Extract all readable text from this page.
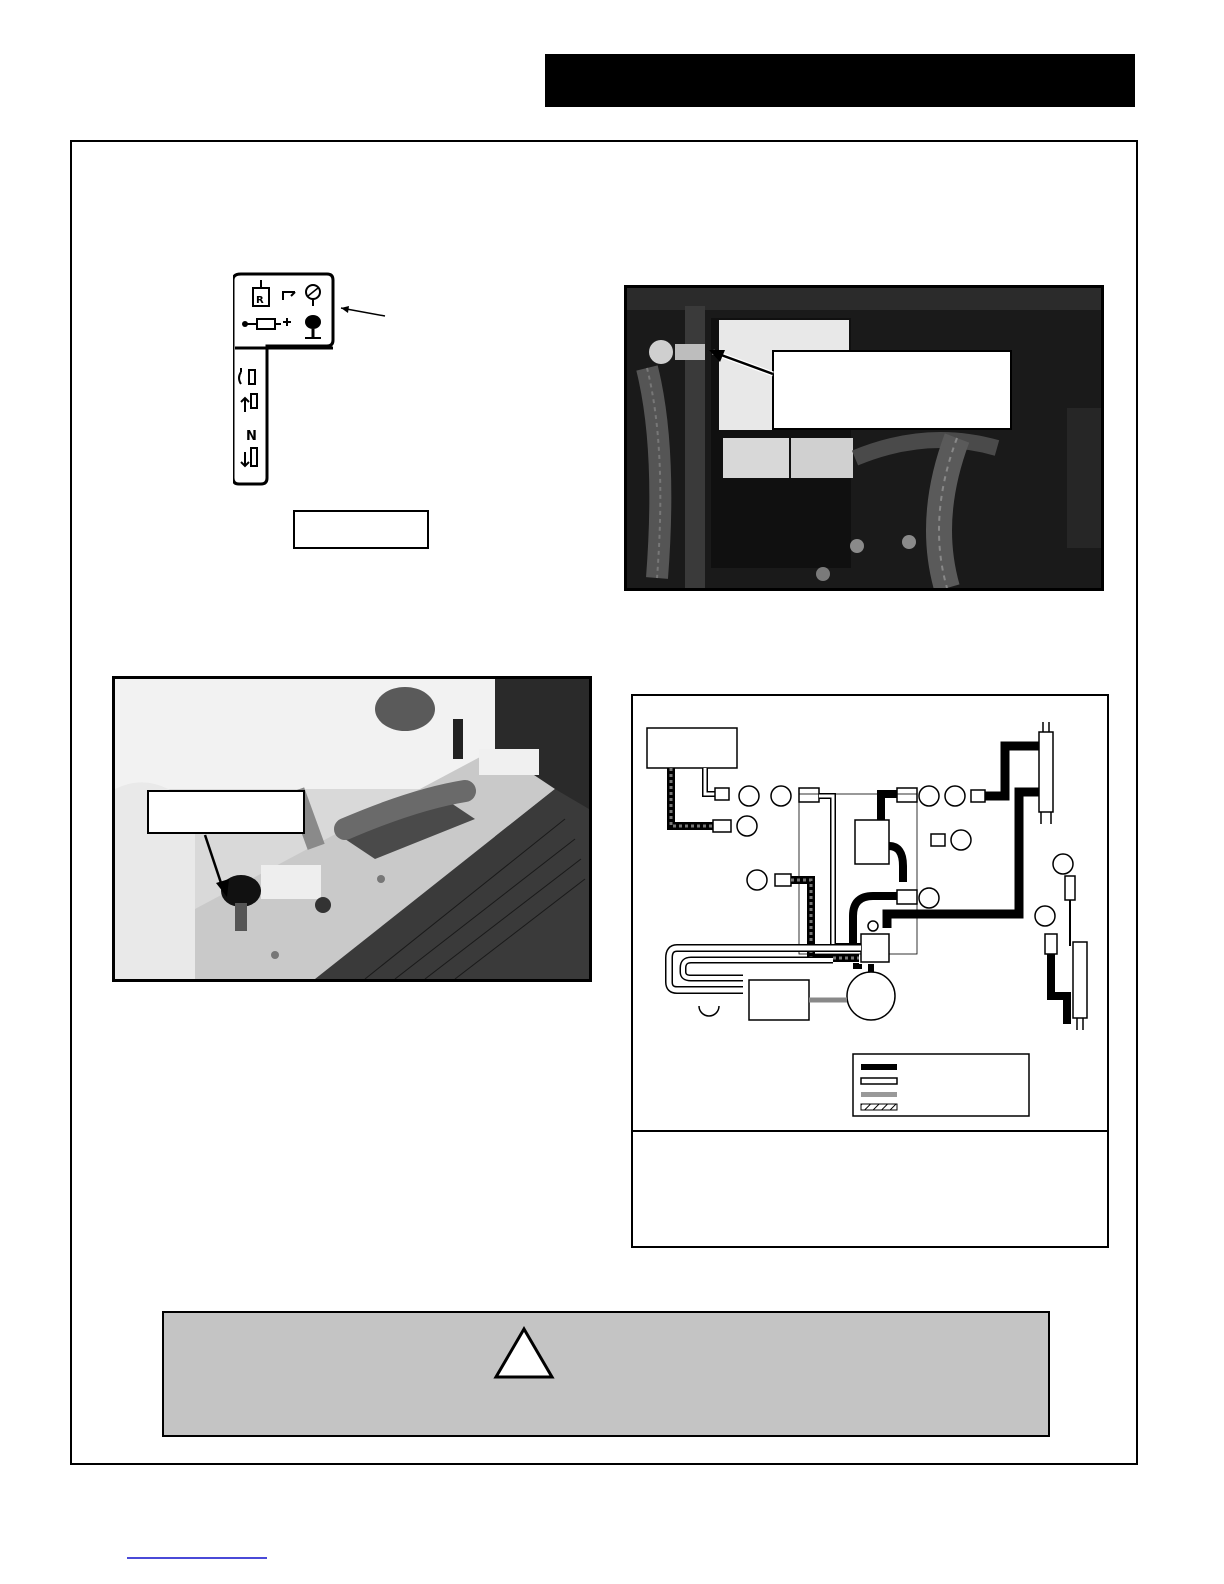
R
N
!
